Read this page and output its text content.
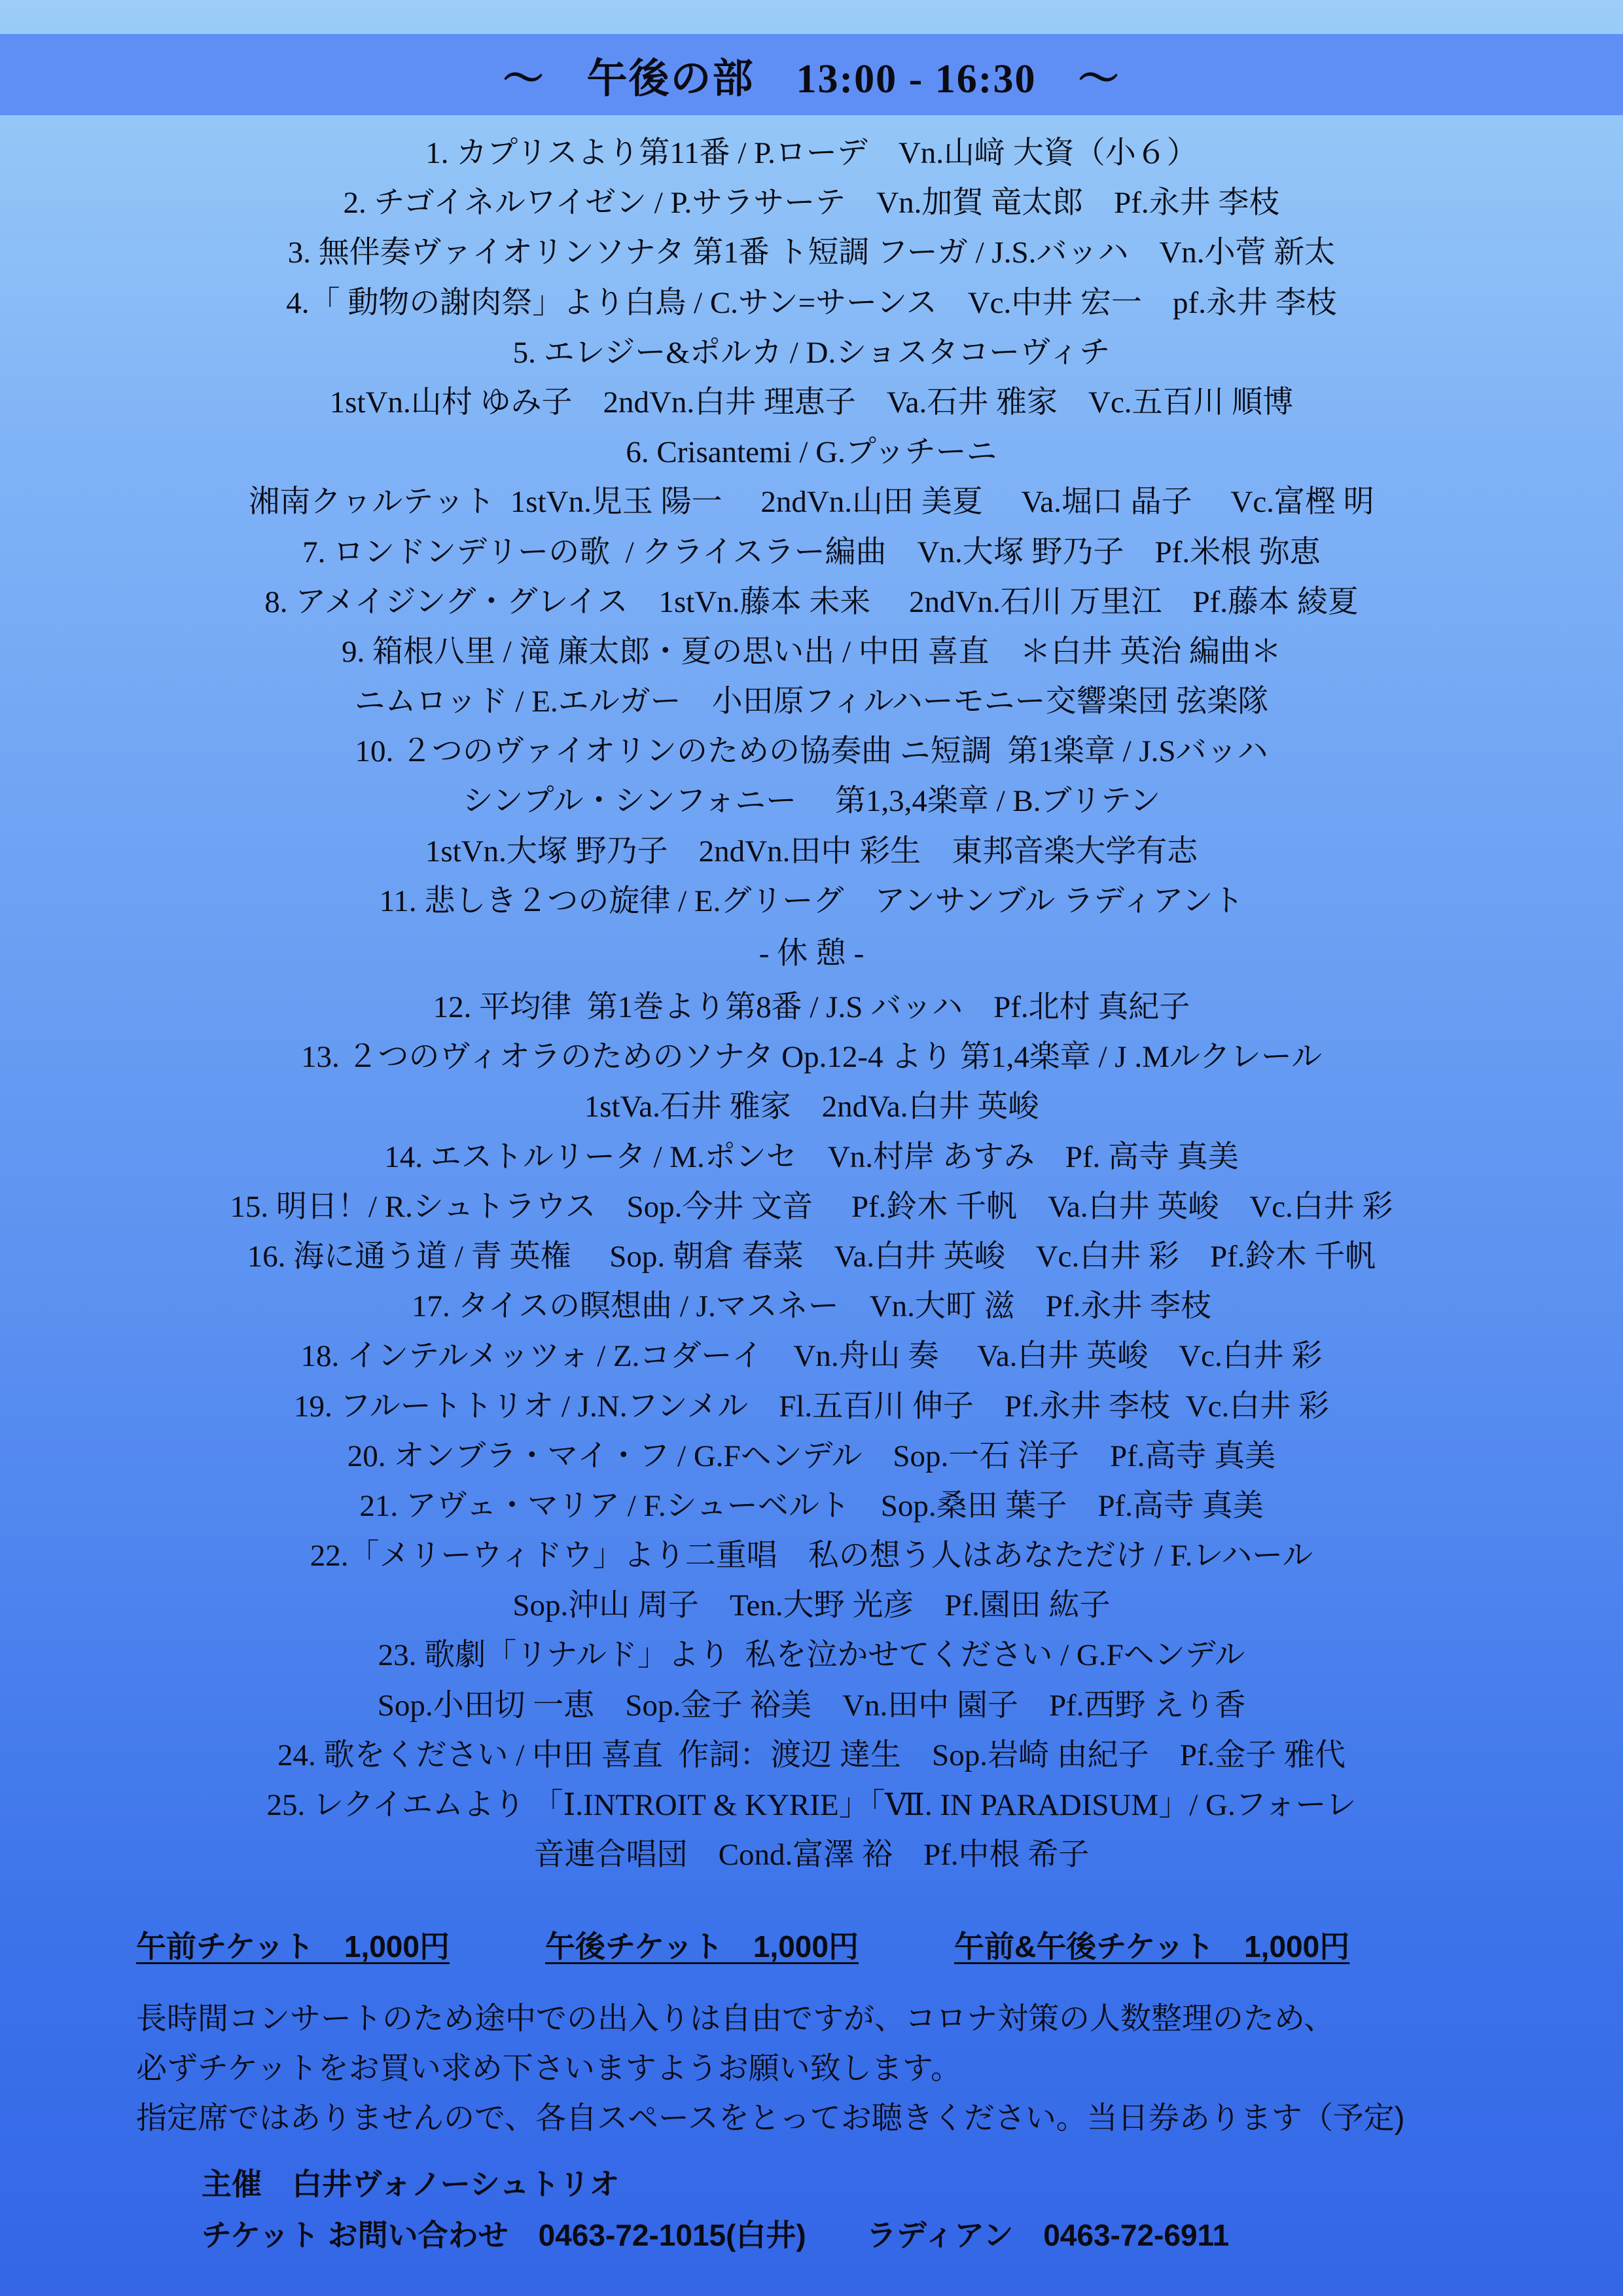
～　午後の部　13:00 - 16:30　～
1. カプリスより第11番 / P.ローデ　Vn.山﨑 大資（小６）
2. チゴイネルワイゼン / P.サラサーテ　Vn.加賀 竜太郎　Pf.永井 李枝
3. 無伴奏ヴァイオリンソナタ 第1番 ト短調 フーガ / J.S.バッハ　Vn.小菅 新太
4.「 動物の謝肉祭」より白鳥 / C.サン=サーンス　Vc.中井 宏一　pf.永井 李枝
5. エレジー&ポルカ / D.ショスタコーヴィチ
1stVn.山村 ゆみ子　2ndVn.白井 理恵子　Va.石井 雅家　Vc.五百川 順博
6. Crisantemi / G.プッチーニ
湘南クヮルテット  1stVn.児玉 陽一　 2ndVn.山田 美夏　 Va.堀口 晶子　 Vc.富樫 明
7. ロンドンデリーの歌  / クライスラー編曲　Vn.大塚 野乃子　Pf.米根 弥恵
8. アメイジング・グレイス　1stVn.藤本 未来　 2ndVn.石川 万里江　Pf.藤本 綾夏
9. 箱根八里 / 滝 廉太郎・夏の思い出 / 中田 喜直　＊白井 英治 編曲＊
ニムロッド / E.エルガー　小田原フィルハーモニー交響楽団 弦楽隊
10. ２つのヴァイオリンのための協奏曲 ニ短調  第1楽章 / J.Sバッハ
シンプル・シンフォニー　 第1,3,4楽章 / B.ブリテン
1stVn.大塚 野乃子　2ndVn.田中 彩生　東邦音楽大学有志
11. 悲しき２つの旋律 / E.グリーグ　アンサンブル ラディアント
- 休 憩 -
12. 平均律  第1巻より第8番 / J.S バッハ　Pf.北村 真紀子
13. ２つのヴィオラのためのソナタ Op.12-4 より 第1,4楽章 / J .Mルクレール
1stVa.石井 雅家　2ndVa.白井 英峻
14. エストルリータ / M.ポンセ　Vn.村岸 あすみ　Pf. 高寺 真美
15. 明日！/ R.シュトラウス　Sop.今井 文音　 Pf.鈴木 千帆　Va.白井 英峻　Vc.白井 彩
16. 海に通う道 / 青 英権　 Sop. 朝倉 春菜　Va.白井 英峻　Vc.白井 彩　Pf.鈴木 千帆
17. タイスの瞑想曲 / J.マスネー　Vn.大町 滋　Pf.永井 李枝
18. インテルメッツォ / Z.コダーイ　Vn.舟山 奏　 Va.白井 英峻　Vc.白井 彩
19. フルートトリオ / J.N.フンメル　Fl.五百川 伸子　Pf.永井 李枝  Vc.白井 彩
20. オンブラ・マイ・フ / G.Fヘンデル　Sop.一石 洋子　Pf.高寺 真美
21. アヴェ・マリア / F.シューベルト　Sop.桑田 葉子　Pf.高寺 真美
22.「メリーウィドウ」より二重唱　私の想う人はあなただけ / F.レハール
Sop.沖山 周子　Ten.大野 光彦　Pf.園田 紘子
23. 歌劇「リナルド」より  私を泣かせてください / G.Fヘンデル
Sop.小田切 一恵　Sop.金子 裕美　Vn.田中 園子　Pf.西野 えり香
24. 歌をください / 中田 喜直  作詞：渡辺 達生　Sop.岩崎 由紀子　Pf.金子 雅代
25. レクイエムより 「Ⅰ.INTROIT & KYRIE」「Ⅶ. IN PARADISUM」/ G.フォーレ
音連合唱団　Cond.富澤 裕　Pf.中根 希子
午前チケット　1,000円	午後チケット　1,000円	午前&午後チケット　1,000円
長時間コンサートのため途中での出入りは自由ですが、コロナ対策の人数整理のため、
必ずチケットをお買い求め下さいますようお願い致します。
指定席ではありませんので、各自スペースをとってお聴きください。当日券あります（予定)
主催　白井ヴォノーシュトリオ
チケット お問い合わせ　0463-72-1015(白井)　　ラディアン　0463-72-6911
